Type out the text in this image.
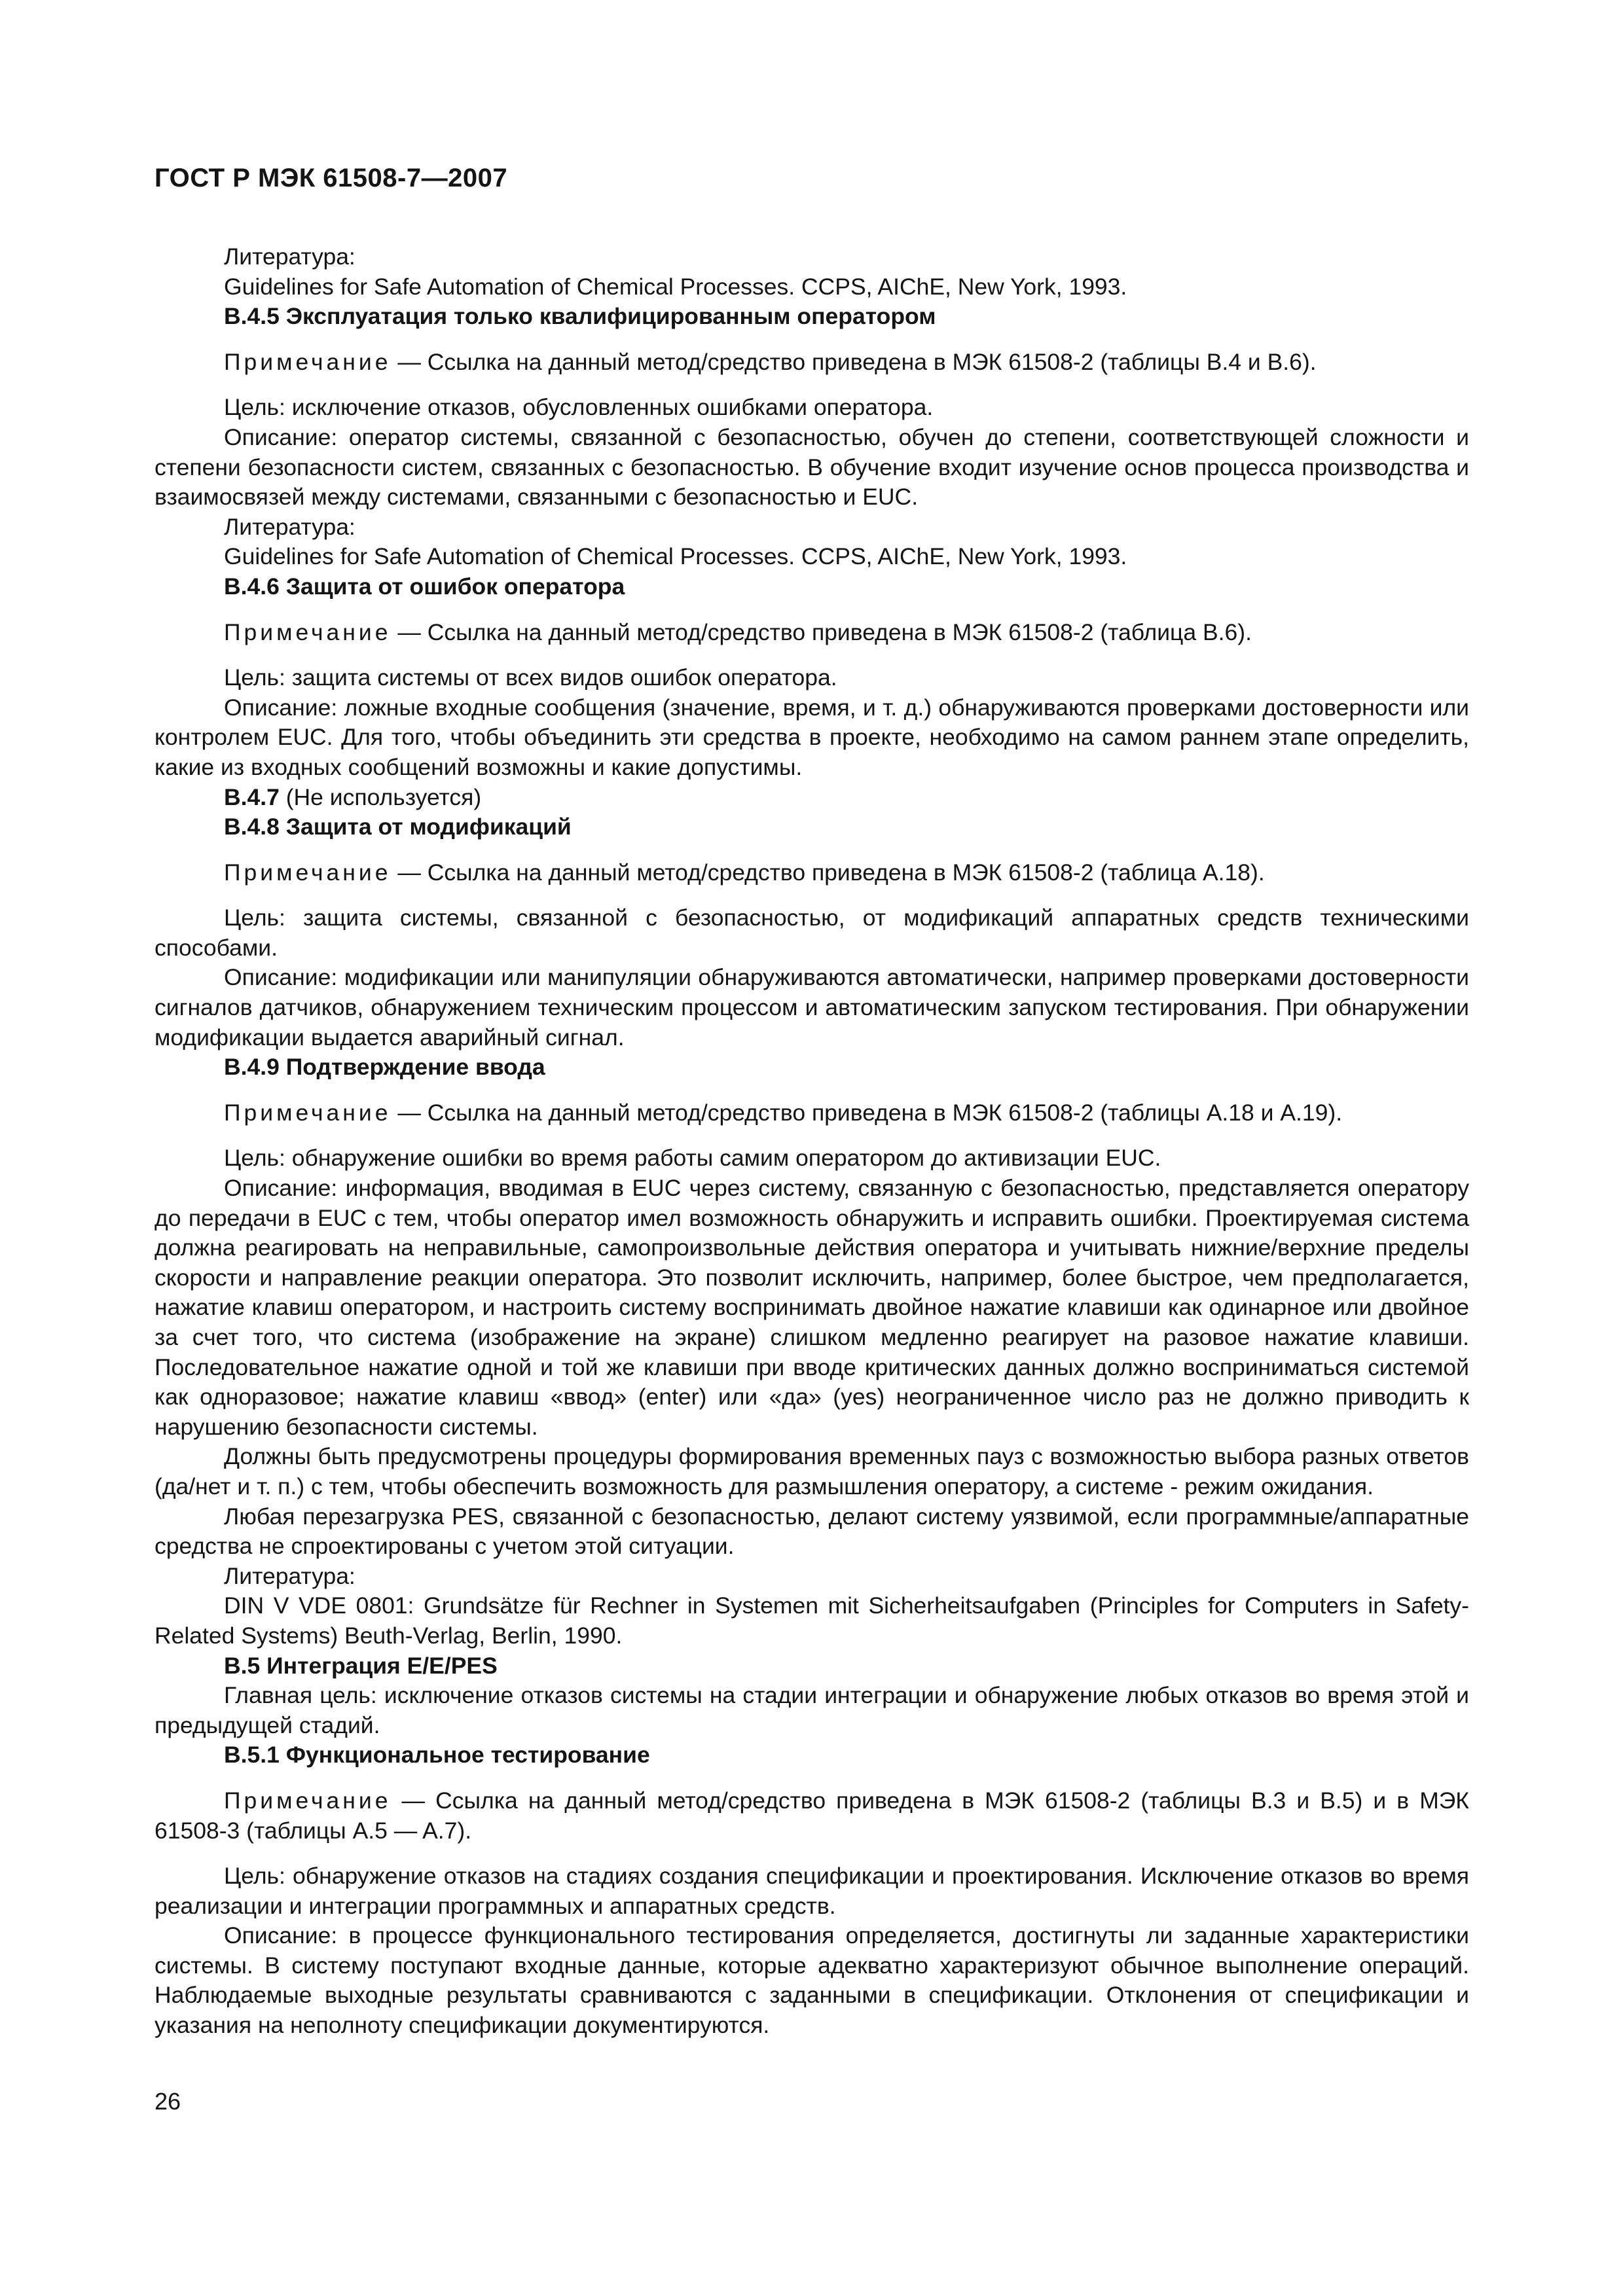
ГОСТ Р МЭК 61508-7—2007

Литература:

Guidelines for Safe Automation of Chemical Processes. CCPS, AIChE, New York, 1993.

B.4.5 Эксплуатация только квалифицированным оператором

Примечание — Ссылка на данный метод/средство приведена в МЭК 61508-2 (таблицы B.4 и B.6).

Цель: исключение отказов, обусловленных ошибками оператора.

Описание: оператор системы, связанной с безопасностью, обучен до степени, соответствующей сложности и степени безопасности систем, связанных с безопасностью. В обучение входит изучение основ процесса производства и взаимосвязей между системами, связанными с безопасностью и EUC.

Литература:

Guidelines for Safe Automation of Chemical Processes. CCPS, AIChE, New York, 1993.

B.4.6 Защита от ошибок оператора

Примечание — Ссылка на данный метод/средство приведена в МЭК 61508-2 (таблица B.6).

Цель: защита системы от всех видов ошибок оператора.

Описание: ложные входные сообщения (значение, время, и т. д.) обнаруживаются проверками достоверности или контролем EUC. Для того, чтобы объединить эти средства в проекте, необходимо на самом раннем этапе определить, какие из входных сообщений возможны и какие допустимы.

B.4.7 (Не используется)

B.4.8 Защита от модификаций

Примечание — Ссылка на данный метод/средство приведена в МЭК 61508-2 (таблица A.18).

Цель: защита системы, связанной с безопасностью, от модификаций аппаратных средств техническими способами.

Описание: модификации или манипуляции обнаруживаются автоматически, например проверками достоверности сигналов датчиков, обнаружением техническим процессом и автоматическим запуском тестирования. При обнаружении модификации выдается аварийный сигнал.

B.4.9 Подтверждение ввода

Примечание — Ссылка на данный метод/средство приведена в МЭК 61508-2 (таблицы A.18 и A.19).

Цель: обнаружение ошибки во время работы самим оператором до активизации EUC.

Описание: информация, вводимая в EUC через систему, связанную с безопасностью, представляется оператору до передачи в EUC с тем, чтобы оператор имел возможность обнаружить и исправить ошибки. Проектируемая система должна реагировать на неправильные, самопроизвольные действия оператора и учитывать нижние/верхние пределы скорости и направление реакции оператора. Это позволит исключить, например, более быстрое, чем предполагается, нажатие клавиш оператором, и настроить систему воспринимать двойное нажатие клавиши как одинарное или двойное за счет того, что система (изображение на экране) слишком медленно реагирует на разовое нажатие клавиши. Последовательное нажатие одной и той же клавиши при вводе критических данных должно восприниматься системой как одноразовое; нажатие клавиш «ввод» (enter) или «да» (yes) неограниченное число раз не должно приводить к нарушению безопасности системы.

Должны быть предусмотрены процедуры формирования временных пауз с возможностью выбора разных ответов (да/нет и т. п.) с тем, чтобы обеспечить возможность для размышления оператору, а системе - режим ожидания.

Любая перезагрузка PES, связанной с безопасностью, делают систему уязвимой, если программные/аппаратные средства не спроектированы с учетом этой ситуации.

Литература:

DIN V VDE 0801: Grundsätze für Rechner in Systemen mit Sicherheitsaufgaben (Principles for Computers in Safety-Related Systems) Beuth-Verlag, Berlin, 1990.

B.5 Интеграция E/E/PES

Главная цель: исключение отказов системы на стадии интеграции и обнаружение любых отказов во время этой и предыдущей стадий.

B.5.1 Функциональное тестирование

Примечание — Ссылка на данный метод/средство приведена в МЭК 61508-2 (таблицы B.3 и B.5) и в МЭК 61508-3 (таблицы A.5 — A.7).

Цель: обнаружение отказов на стадиях создания спецификации и проектирования. Исключение отказов во время реализации и интеграции программных и аппаратных средств.

Описание: в процессе функционального тестирования определяется, достигнуты ли заданные характеристики системы. В систему поступают входные данные, которые адекватно характеризуют обычное выполнение операций. Наблюдаемые выходные результаты сравниваются с заданными в спецификации. Отклонения от спецификации и указания на неполноту спецификации документируются.

26
